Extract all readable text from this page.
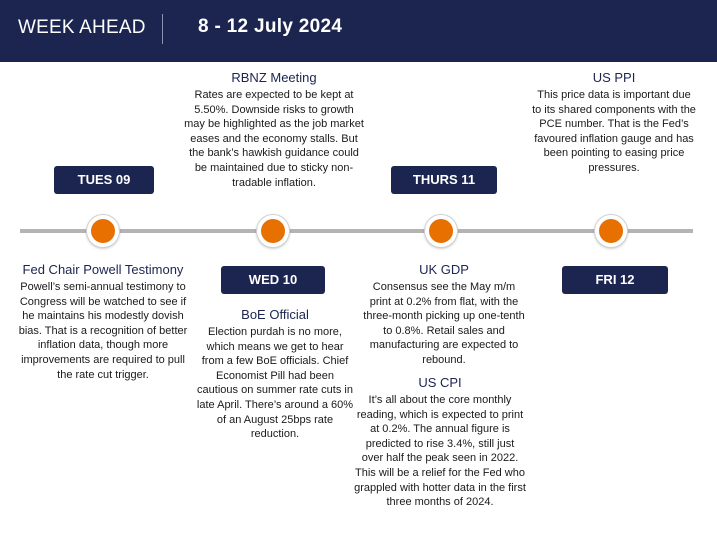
WEEK AHEAD	8 - 12 July 2024
TUES 09
WED 10
THURS 11
FRI 12
RBNZ Meeting
Rates are expected to be kept at 5.50%. Downside risks to growth may be highlighted as the job market eases and the economy stalls. But the bank’s hawkish guidance could be maintained due to sticky non-tradable inflation.
US PPI
This price data is important due to its shared components with the PCE number. That is the Fed’s favoured inflation gauge and has been pointing to easing price pressures.
Fed Chair Powell Testimony
Powell’s semi-annual testimony to Congress will be watched to see if he maintains his modestly dovish bias. That is a recognition of better inflation data, though more improvements are required to pull the rate cut trigger.
BoE Official
Election purdah is no more, which means we get to hear from a few BoE officials. Chief Economist Pill had been cautious on summer rate cuts in late April. There’s around a 60% of an August 25bps rate reduction.
UK GDP
Consensus see the May m/m print at 0.2% from flat, with the three-month picking up one-tenth to 0.8%. Retail sales and manufacturing are expected to rebound.
US CPI
It’s all about the core monthly reading, which is expected to print at 0.2%. The annual figure is predicted to rise 3.4%, still just over half the peak seen in 2022. This will be a relief for the Fed who grappled with hotter data in the first three months of 2024.
